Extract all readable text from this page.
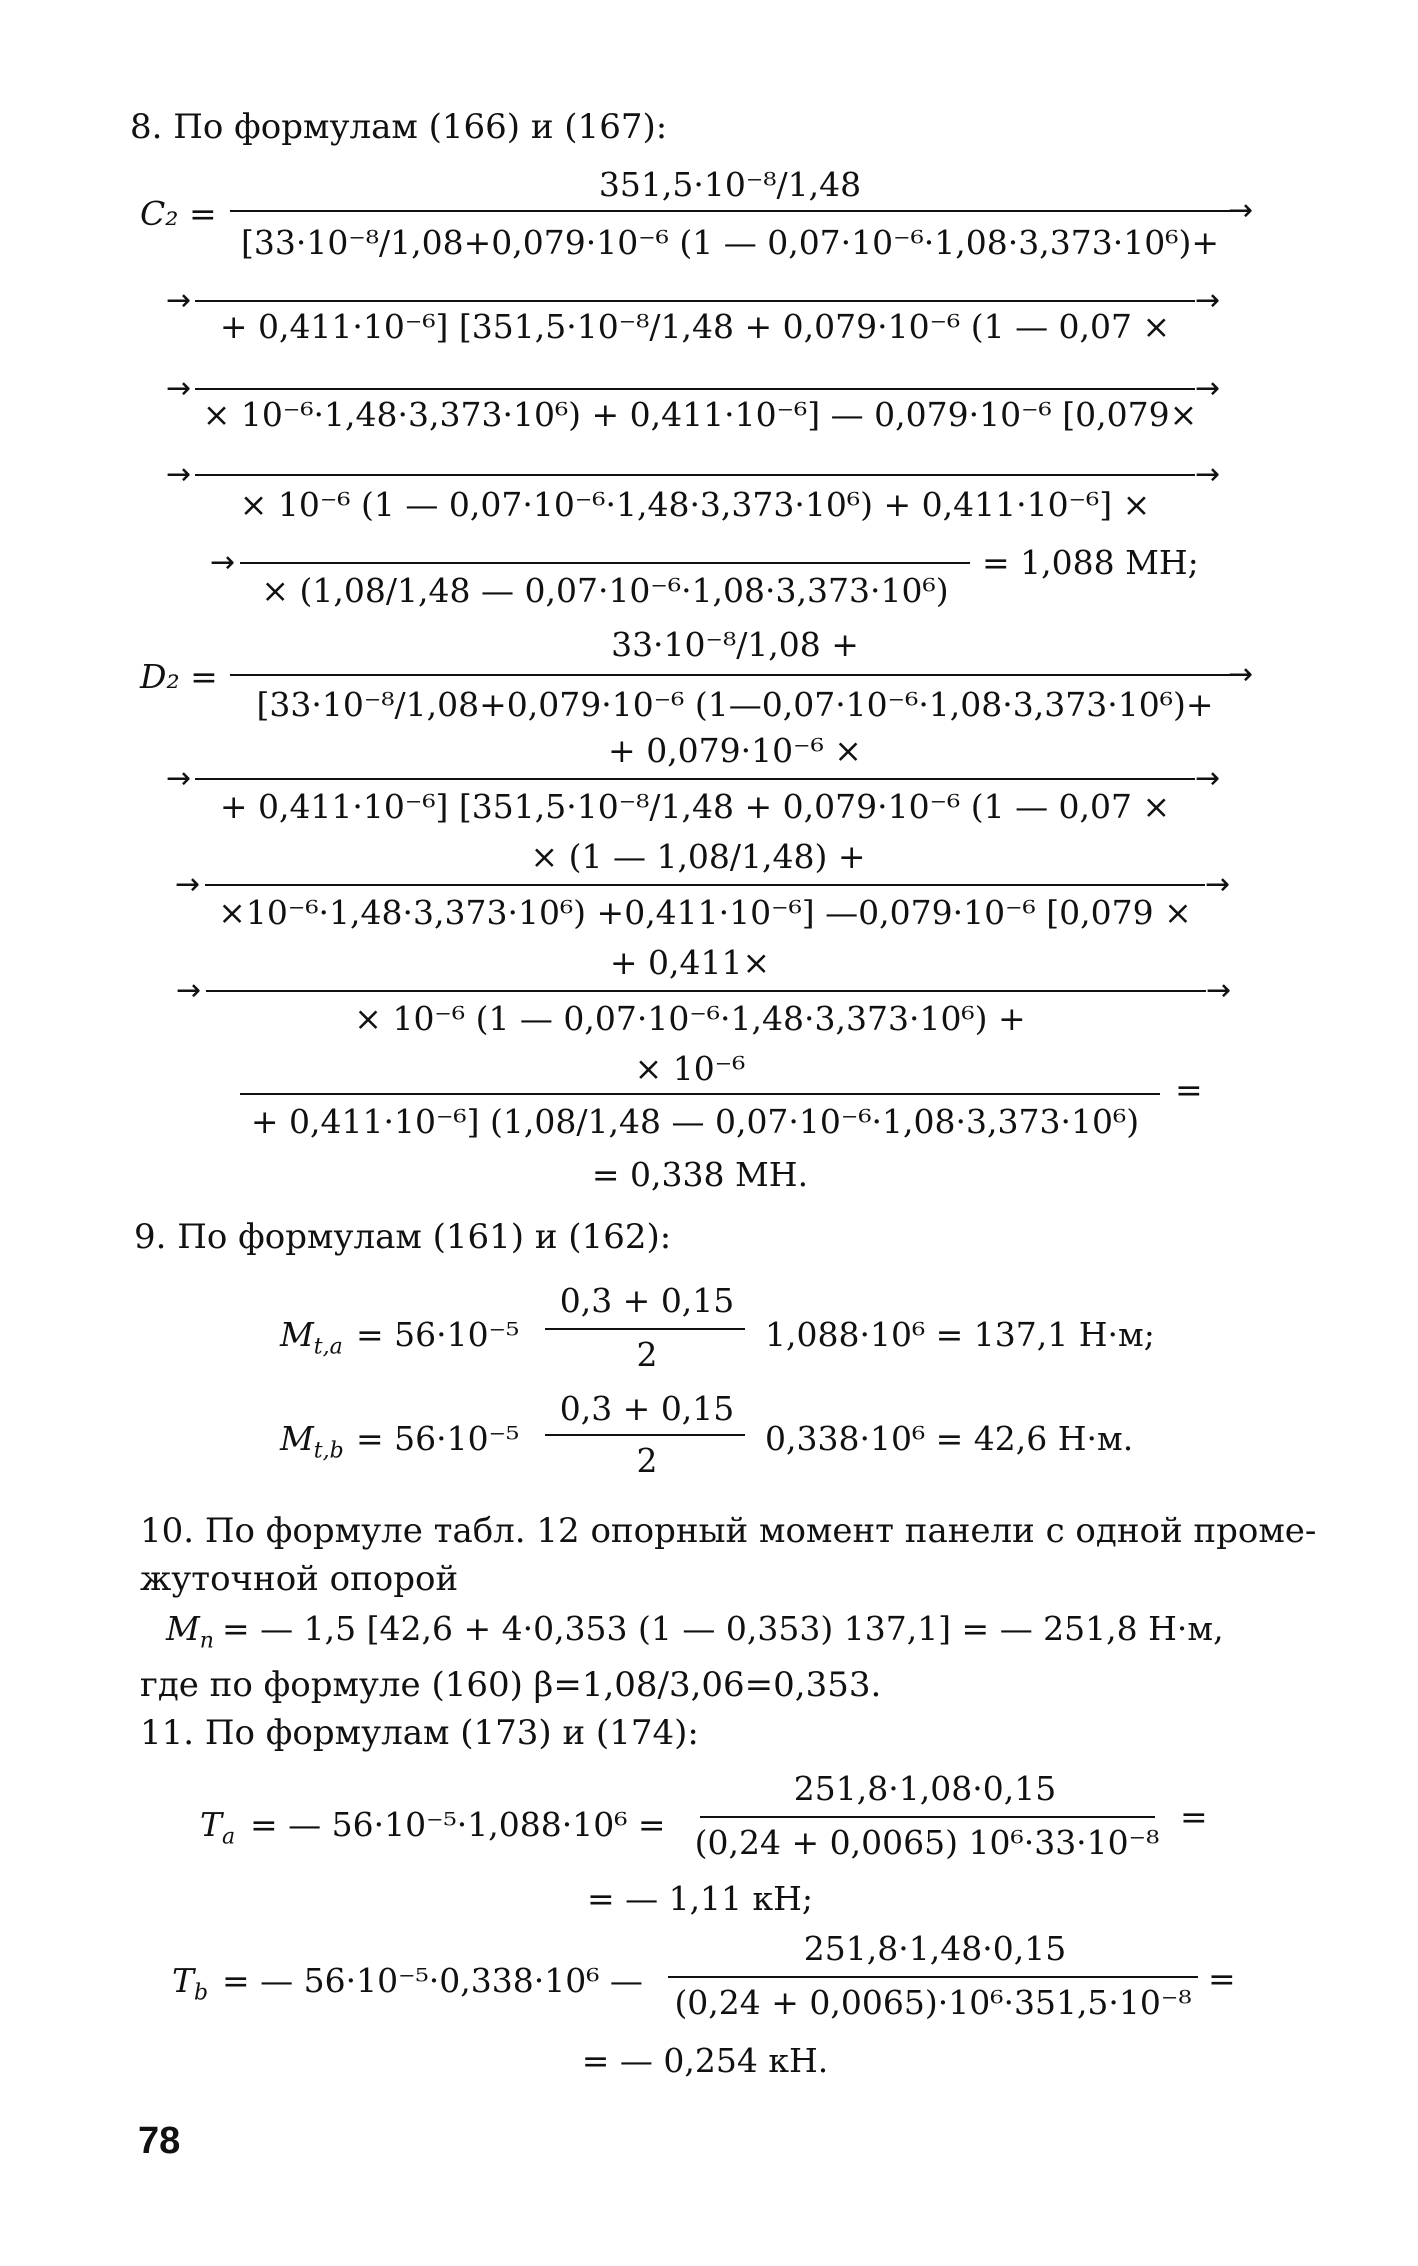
8. По формулам (166) и (167):
C₂ =
351,5·10⁻⁸/1,48
→
[33·10⁻⁸/1,08+0,079·10⁻⁶ (1 — 0,07·10⁻⁶·1,08·3,373·10⁶)+
→	→
+ 0,411·10⁻⁶] [351,5·10⁻⁸/1,48 + 0,079·10⁻⁶ (1 — 0,07 ×
→	→
× 10⁻⁶·1,48·3,373·10⁶) + 0,411·10⁻⁶] — 0,079·10⁻⁶ [0,079×
→	→
× 10⁻⁶ (1 — 0,07·10⁻⁶·1,48·3,373·10⁶) + 0,411·10⁻⁶] ×
→
× (1,08/1,48 — 0,07·10⁻⁶·1,08·3,373·10⁶)
= 1,088 МН;
D₂ =
33·10⁻⁸/1,08 +
→
[33·10⁻⁸/1,08+0,079·10⁻⁶ (1—0,07·10⁻⁶·1,08·3,373·10⁶)+
+ 0,079·10⁻⁶ ×
→	→
+ 0,411·10⁻⁶] [351,5·10⁻⁸/1,48 + 0,079·10⁻⁶ (1 — 0,07 ×
× (1 — 1,08/1,48) +
→	→
×10⁻⁶·1,48·3,373·10⁶) +0,411·10⁻⁶] —0,079·10⁻⁶ [0,079 ×
+ 0,411×
→	→
× 10⁻⁶ (1 — 0,07·10⁻⁶·1,48·3,373·10⁶) +
× 10⁻⁶
=
+ 0,411·10⁻⁶] (1,08/1,48 — 0,07·10⁻⁶·1,08·3,373·10⁶)
= 0,338 МН.
9. По формулам (161) и (162):
$M_{t,a} = 56\cdot 10^{-5}$
0,3 + 0,15
2
1,088·10⁶ = 137,1 Н·м;
$M_{t,b} = 56\cdot 10^{-5}$
0,3 + 0,15
2
0,338·10⁶ = 42,6 Н·м.
10. По формуле табл. 12 опорный момент панели с одной проме-
жуточной опорой
$M_п$ = — 1,5 [42,6 + 4·0,353 (1 — 0,353) 137,1] = — 251,8 Н·м,
где по формуле (160) β=1,08/3,06=0,353.
11. По формулам (173) и (174):
$T_a$ = — 56·10⁻⁵·1,088·10⁶ =
251,8·1,08·0,15
(0,24 + 0,0065) 10⁶·33·10⁻⁸
=
= — 1,11 кН;
$T_b$ = — 56·10⁻⁵·0,338·10⁶ —
251,8·1,48·0,15
(0,24 + 0,0065)·10⁶·351,5·10⁻⁸
=
= — 0,254 кН.
78
